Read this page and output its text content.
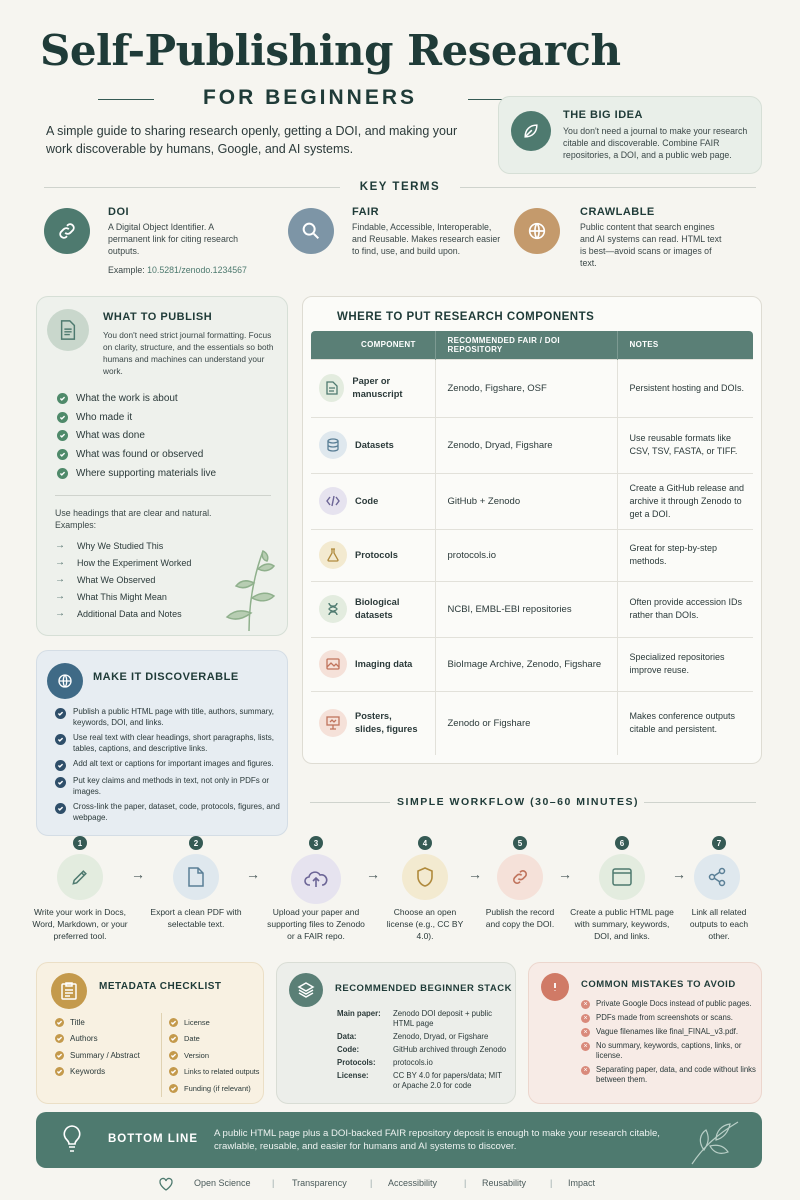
Self-Publishing Research
FOR BEGINNERS
A simple guide to sharing research openly, getting a DOI, and making your work discoverable by humans, Google, and AI systems.
THE BIG IDEA
You don't need a journal to make your research citable and discoverable. Combine FAIR repositories, a DOI, and a public web page.
KEY TERMS
DOI
A Digital Object Identifier. A permanent link for citing research outputs.
Example: 10.5281/zenodo.1234567
FAIR
Findable, Accessible, Interoperable, and Reusable. Makes research easier to find, use, and build upon.
CRAWLABLE
Public content that search engines and AI systems can read. HTML text is best—avoid scans or images of text.
WHAT TO PUBLISH
You don't need strict journal formatting. Focus on clarity, structure, and the essentials so both humans and machines can understand your work.
What the work is about
Who made it
What was done
What was found or observed
Where supporting materials live
Use headings that are clear and natural. Examples:
→ Why We Studied This
→ How the Experiment Worked
→ What We Observed
→ What This Might Mean
→ Additional Data and Notes
WHERE TO PUT RESEARCH COMPONENTS
COMPONENT	RECOMMENDED FAIR / DOI REPOSITORY	NOTES

Paper or manuscript	Zenodo, Figshare, OSF	Persistent hosting and DOIs.

Datasets	Zenodo, Dryad, Figshare	Use reusable formats like CSV, TSV, FASTA, or TIFF.

Code	GitHub + Zenodo	Create a GitHub release and archive it through Zenodo to get a DOI.

Protocols	protocols.io	Great for step-by-step methods.

Biological datasets	NCBI, EMBL-EBI repositories	Often provide accession IDs rather than DOIs.

Imaging data	BioImage Archive, Zenodo, Figshare	Specialized repositories improve reuse.

Posters, slides, figures	Zenodo or Figshare	Makes conference outputs citable and persistent.
MAKE IT DISCOVERABLE
Publish a public HTML page with title, authors, summary, keywords, DOI, and links.
Use real text with clear headings, short paragraphs, lists, tables, captions, and descriptive links.
Add alt text or captions for important images and figures.
Put key claims and methods in text, not only in PDFs or images.
Cross-link the paper, dataset, code, protocols, figures, and webpage.
SIMPLE WORKFLOW (30–60 MINUTES)
1
Write your work in Docs, Word, Markdown, or your preferred tool.
→
2
Export a clean PDF with selectable text.
→
3
Upload your paper and supporting files to Zenodo or a FAIR repo.
→
4
Choose an open license (e.g., CC BY 4.0).
→
5
Publish the record and copy the DOI.
→
6
Create a public HTML page with summary, keywords, DOI, and links.
→
7
Link all related outputs to each other.
METADATA CHECKLIST
Title
Authors
Summary / Abstract
Keywords
License
Date
Version
Links to related outputs
Funding (if relevant)
RECOMMENDED BEGINNER STACK
Main paper:	Zenodo DOI deposit + public HTML page
Data:	Zenodo, Dryad, or Figshare
Code:	GitHub archived through Zenodo
Protocols:	protocols.io
License:	CC BY 4.0 for papers/data; MIT or Apache 2.0 for code
COMMON MISTAKES TO AVOID
×	Private Google Docs instead of public pages.
×	PDFs made from screenshots or scans.
×	Vague filenames like final_FINAL_v3.pdf.
×	No summary, keywords, captions, links, or license.
×	Separating paper, data, and code without links between them.
BOTTOM LINE A public HTML page plus a DOI-backed FAIR repository deposit is enough to make your research citable, crawlable, reusable, and easier for humans and AI systems to discover.
Open Science | Transparency	| Accessibility	| Reusability	| Impact
